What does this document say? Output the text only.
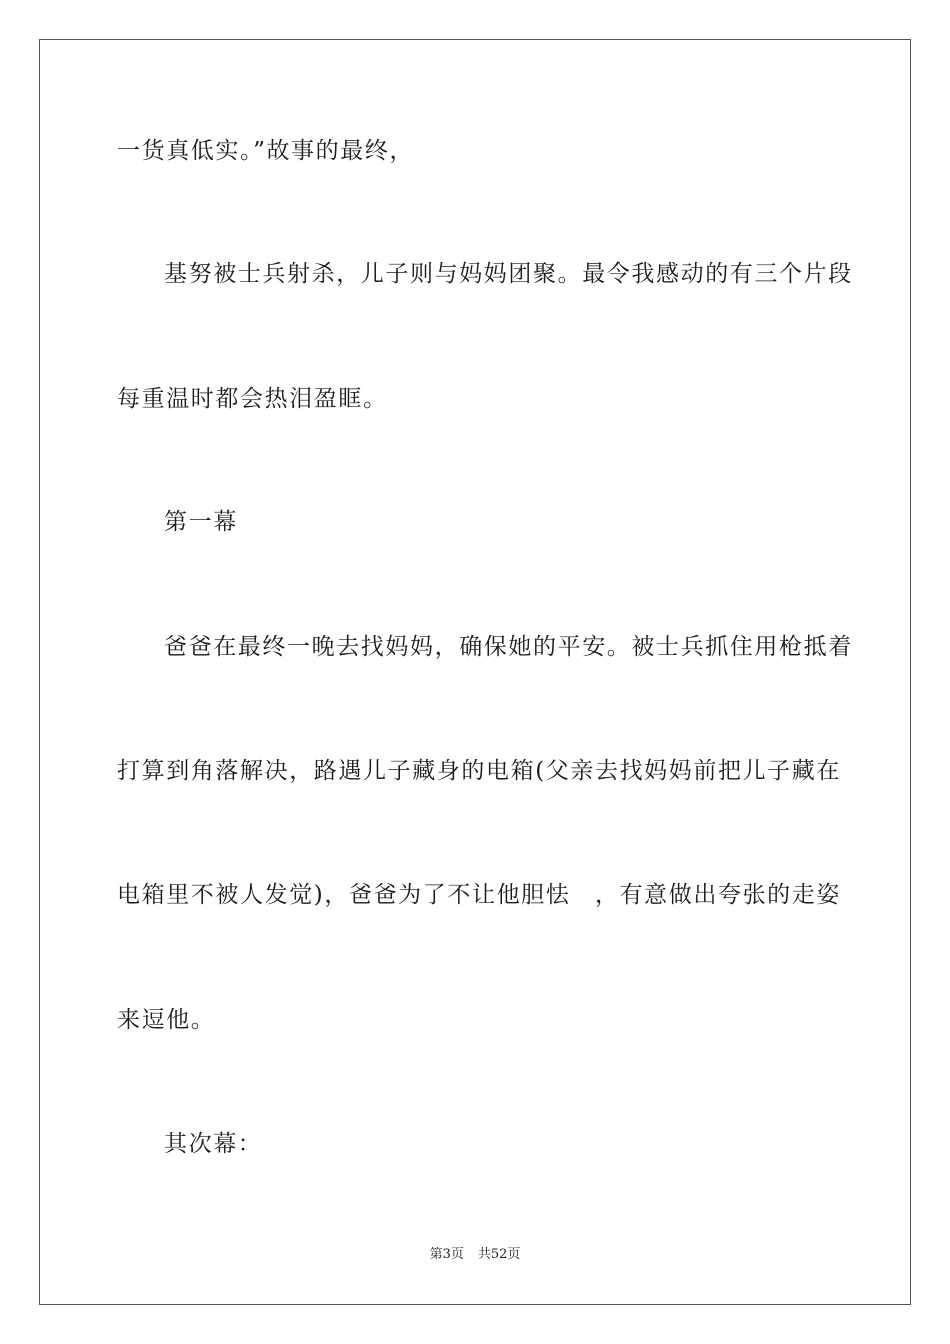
一货真低实。”故事的最终，
基努被士兵射杀，儿子则与妈妈团聚。最令我感动的有三个片段
每重温时都会热泪盈眶。
第一幕
爸爸在最终一晚去找妈妈，确保她的平安。被士兵抓住用枪抵着
打算到角落解决，路遇儿子藏身的电箱(父亲去找妈妈前把儿子藏在
电箱里不被人发觉)，爸爸为了不让他胆怯　，有意做出夸张的走姿
来逗他。
其次幕：
第3页 共52页
